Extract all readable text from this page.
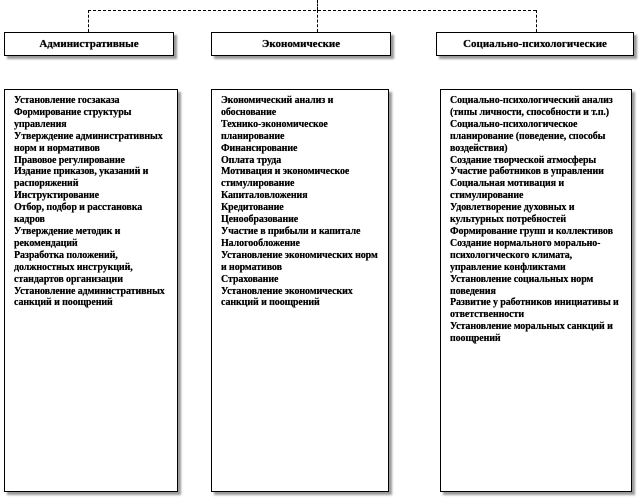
Административные	Экономические	Социально-психологические
Установление госзаказа
Формирование структуры управления
Утверждение административных норм и нормативов
Правовое регулирование
Издание приказов, указаний и распоряжений
Инструктирование
Отбор, подбор и расстановка кадров
Утверждение методик и рекомендаций
Разработка положений, должностных инструкций, стандартов организации
Установление административных санкций и поощрений
Экономический анализ и обоснование
Технико-экономическое планирование
Финансирование
Оплата труда
Мотивация и экономическое стимулирование
Капиталовложения
Кредитование
Ценообразование
Участие в прибыли и капитале
Налогообложение
Установление экономических норм и нормативов
Страхование
Установление экономических санкций и поощрений
Социально-психологический анализ (типы личности, способности и т.п.)
Социально-психологическое планирование (поведение, способы воздействия)
Создание творческой атмосферы
Участие работников в управлении
Социальная мотивация и стимулирование
Удовлетворение духовных и культурных потребностей
Формирование групп и коллективов
Создание нормального морально-психологического климата, управление конфликтами
Установление социальных норм поведения
Развитие у работников инициативы и ответственности
Установление моральных санкций и поощрений
